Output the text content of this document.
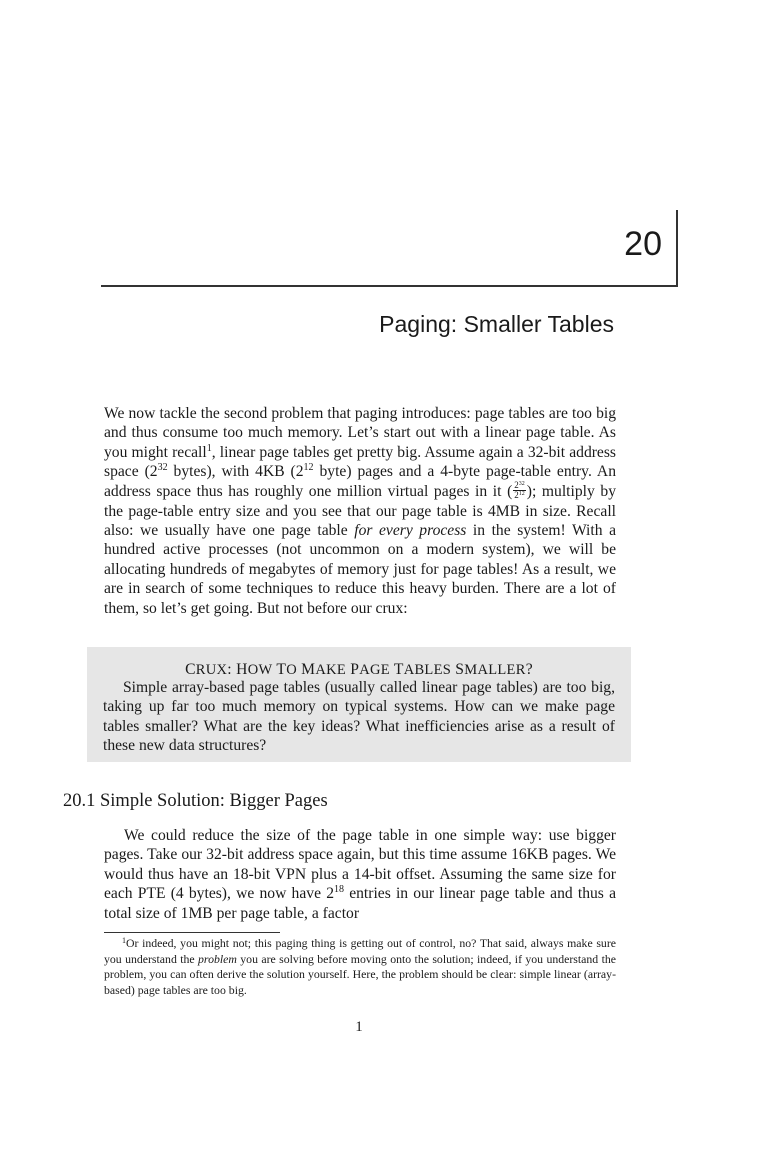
20
Paging: Smaller Tables

We now tackle the second problem that paging introduces: page tables are too big and thus consume too much memory. Let’s start out with a linear page table. As you might recall$^1$, linear page tables get pretty big. Assume again a 32-bit address space ($2^{32}$ bytes), with 4KB ($2^{12}$ byte) pages and a 4-byte page-table entry. An address space thus has roughly one million virtual pages in it ( $\frac{2^{32}}{2^{12}}$ ); multiply by the page-table entry size and you see that our page table is 4MB in size. Recall also: we usually have one page table for every process in the system! With a hundred active processes (not uncommon on a modern system), we will be allocating hundreds of megabytes of memory just for page tables! As a result, we are in search of some techniques to reduce this heavy burden. There are a lot of them, so let’s get going. But not before our crux:

CRUX: HOW TO MAKE PAGE TABLES SMALLER?

Simple array-based page tables (usually called linear page tables) are too big, taking up far too much memory on typical systems. How can we make page tables smaller? What are the key ideas? What inefficiencies arise as a result of these new data structures?

20.1 Simple Solution: Bigger Pages

We could reduce the size of the page table in one simple way: use bigger pages. Take our 32-bit address space again, but this time assume 16KB pages. We would thus have an 18-bit VPN plus a 14-bit offset. Assuming the same size for each PTE (4 bytes), we now have $2^{18}$ entries in our linear page table and thus a total size of 1MB per page table, a factor

$^1$Or indeed, you might not; this paging thing is getting out of control, no? That said, always make sure you understand the problem you are solving before moving onto the solution; indeed, if you understand the problem, you can often derive the solution yourself. Here, the problem should be clear: simple linear (array-based) page tables are too big.

1
